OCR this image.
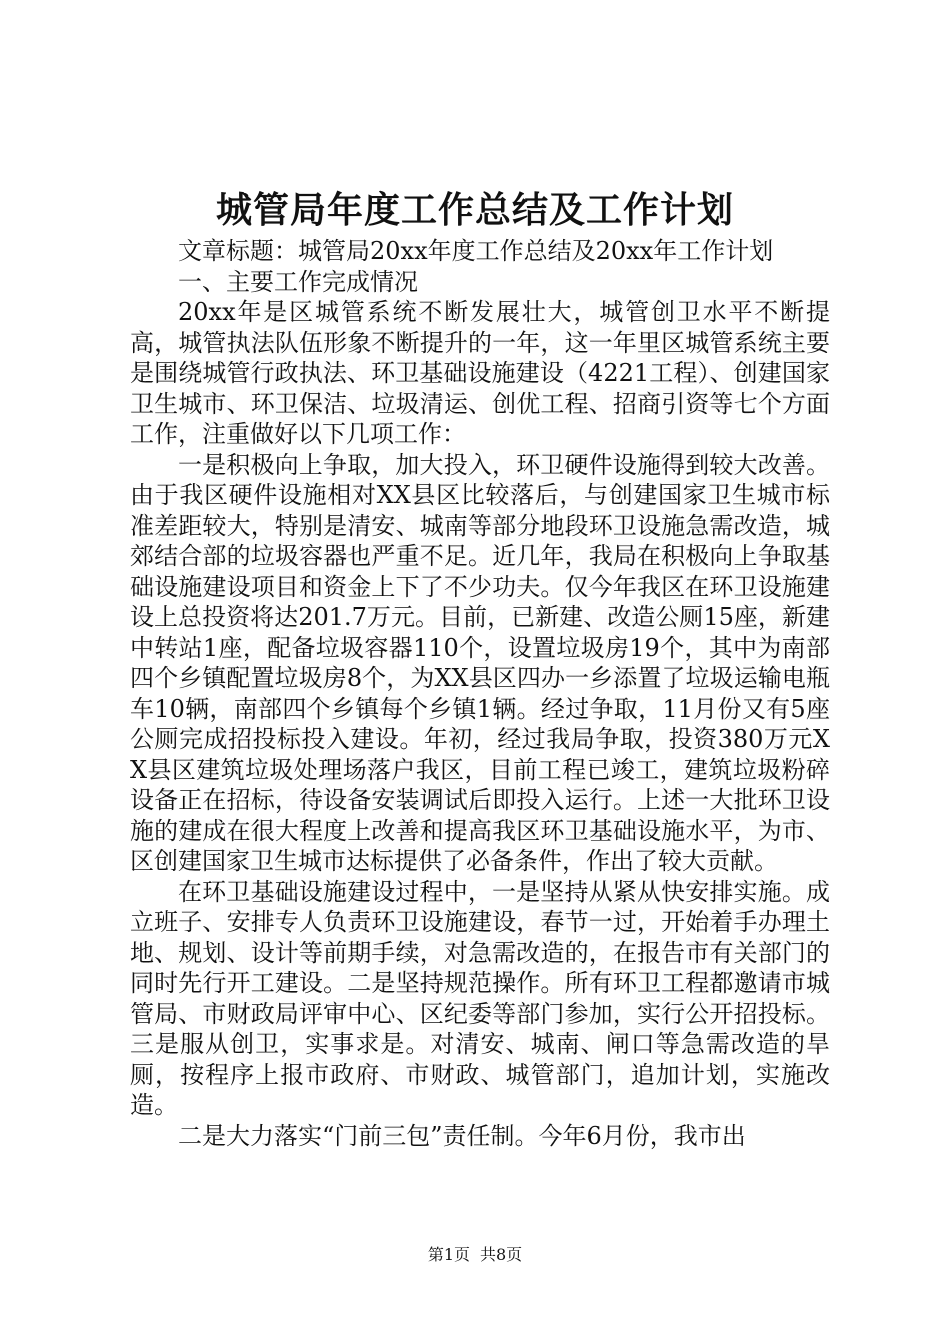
城管局年度工作总结及工作计划

文章标题：城管局20xx年度工作总结及20xx年工作计划

一、主要工作完成情况

20xx年是区城管系统不断发展壮大，城管创卫水平不断提高，城管执法队伍形象不断提升的一年，这一年里区城管系统主要是围绕城管行政执法、环卫基础设施建设（4221工程）、创建国家卫生城市、环卫保洁、垃圾清运、创优工程、招商引资等七个方面工作，注重做好以下几项工作：

一是积极向上争取，加大投入，环卫硬件设施得到较大改善。由于我区硬件设施相对XX县区比较落后，与创建国家卫生城市标准差距较大，特别是清安、城南等部分地段环卫设施急需改造，城郊结合部的垃圾容器也严重不足。近几年，我局在积极向上争取基础设施建设项目和资金上下了不少功夫。仅今年我区在环卫设施建设上总投资将达201.7万元。目前，已新建、改造公厕15座，新建中转站1座，配备垃圾容器110个，设置垃圾房19个，其中为南部四个乡镇配置垃圾房8个，为XX县区四办一乡添置了垃圾运输电瓶车10辆，南部四个乡镇每个乡镇1辆。经过争取，11月份又有5座公厕完成招投标投入建设。年初，经过我局争取，投资380万元XX县区建筑垃圾处理场落户我区，目前工程已竣工，建筑垃圾粉碎设备正在招标，待设备安装调试后即投入运行。上述一大批环卫设施的建成在很大程度上改善和提高我区环卫基础设施水平，为市、区创建国家卫生城市达标提供了必备条件，作出了较大贡献。

在环卫基础设施建设过程中，一是坚持从紧从快安排实施。成立班子、安排专人负责环卫设施建设，春节一过，开始着手办理土地、规划、设计等前期手续，对急需改造的，在报告市有关部门的同时先行开工建设。二是坚持规范操作。所有环卫工程都邀请市城管局、市财政局评审中心、区纪委等部门参加，实行公开招投标。三是服从创卫，实事求是。对清安、城南、闸口等急需改造的旱厕，按程序上报市政府、市财政、城管部门，追加计划，实施改造。

二是大力落实“门前三包”责任制。今年6月份，我市出

第1页 共8页
